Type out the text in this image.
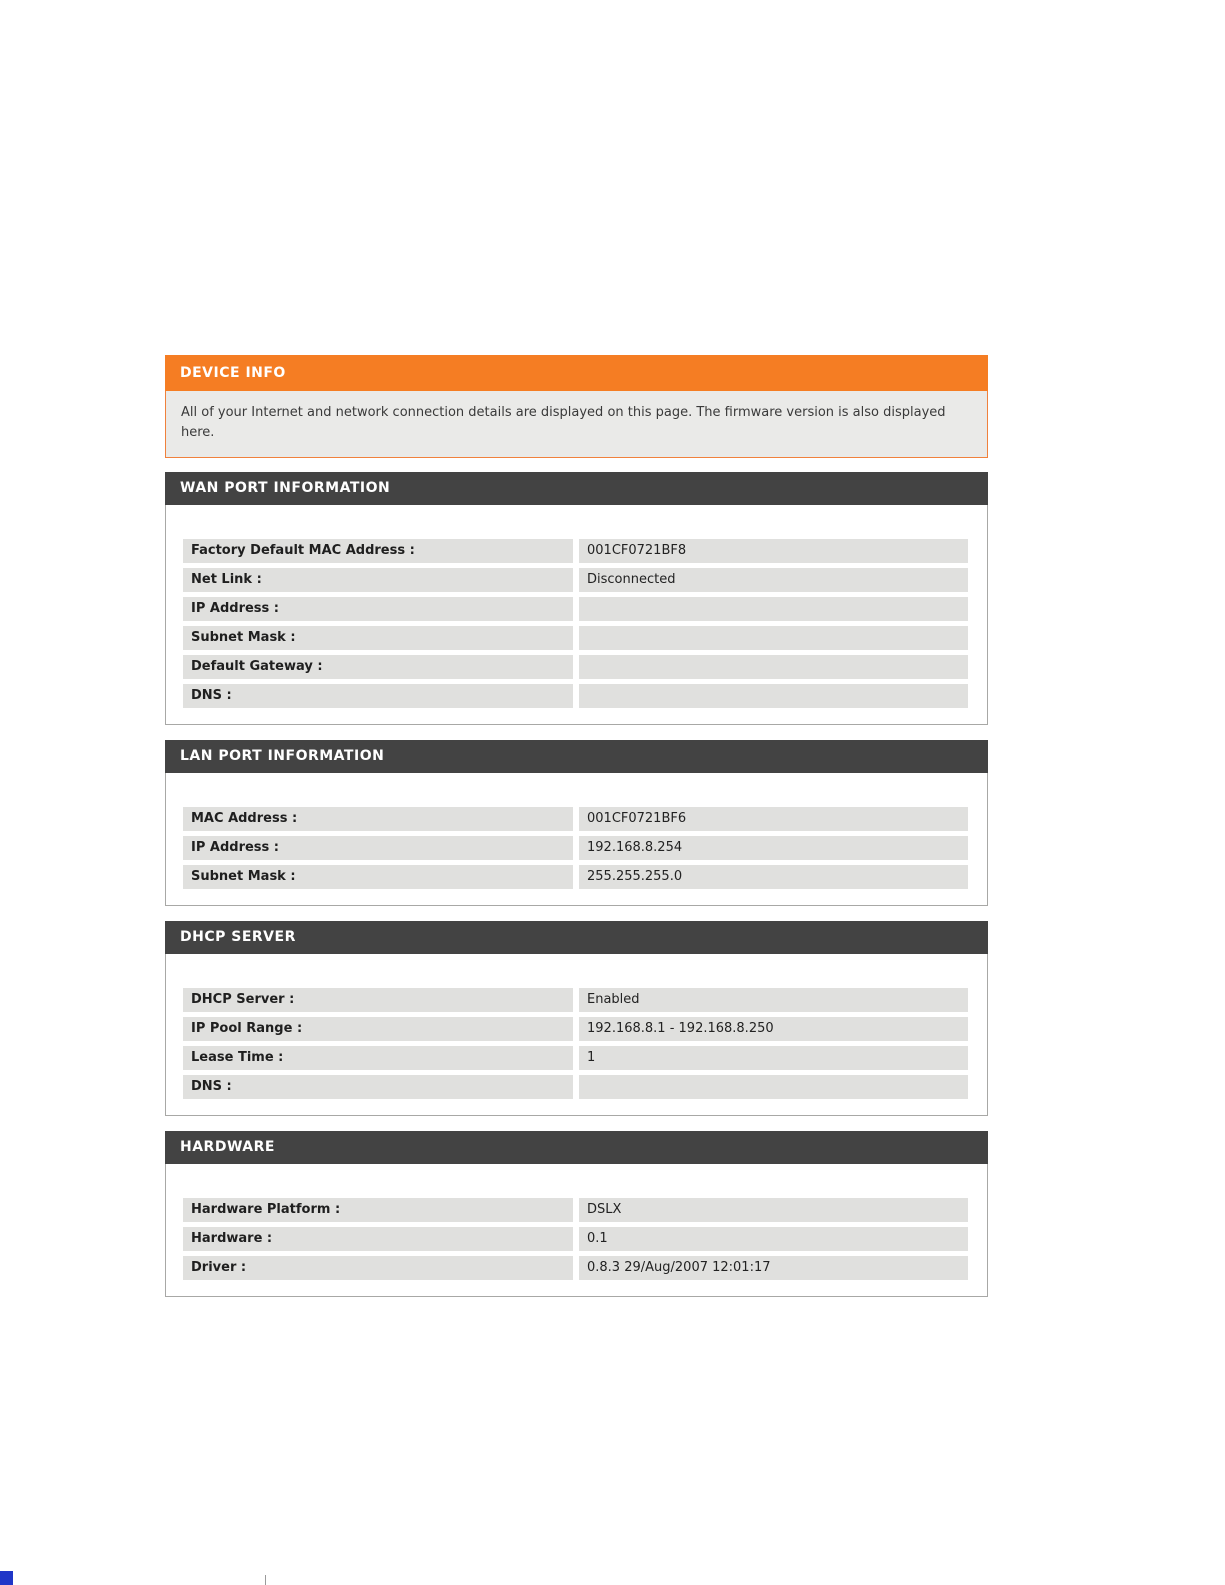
DEVICE INFO
All of your Internet and network connection details are displayed on this page. The firmware version is also displayed here.
WAN PORT INFORMATION
Factory Default MAC Address :	001CF0721BF8
Net Link :	Disconnected
IP Address :
Subnet Mask :
Default Gateway :
DNS :
LAN PORT INFORMATION
MAC Address :	001CF0721BF6
IP Address :	192.168.8.254
Subnet Mask :	255.255.255.0
DHCP SERVER
DHCP Server :	Enabled
IP Pool Range :	192.168.8.1 - 192.168.8.250
Lease Time :	1
DNS :
HARDWARE
Hardware Platform :	DSLX
Hardware :	0.1
Driver :	0.8.3 29/Aug/2007 12:01:17
